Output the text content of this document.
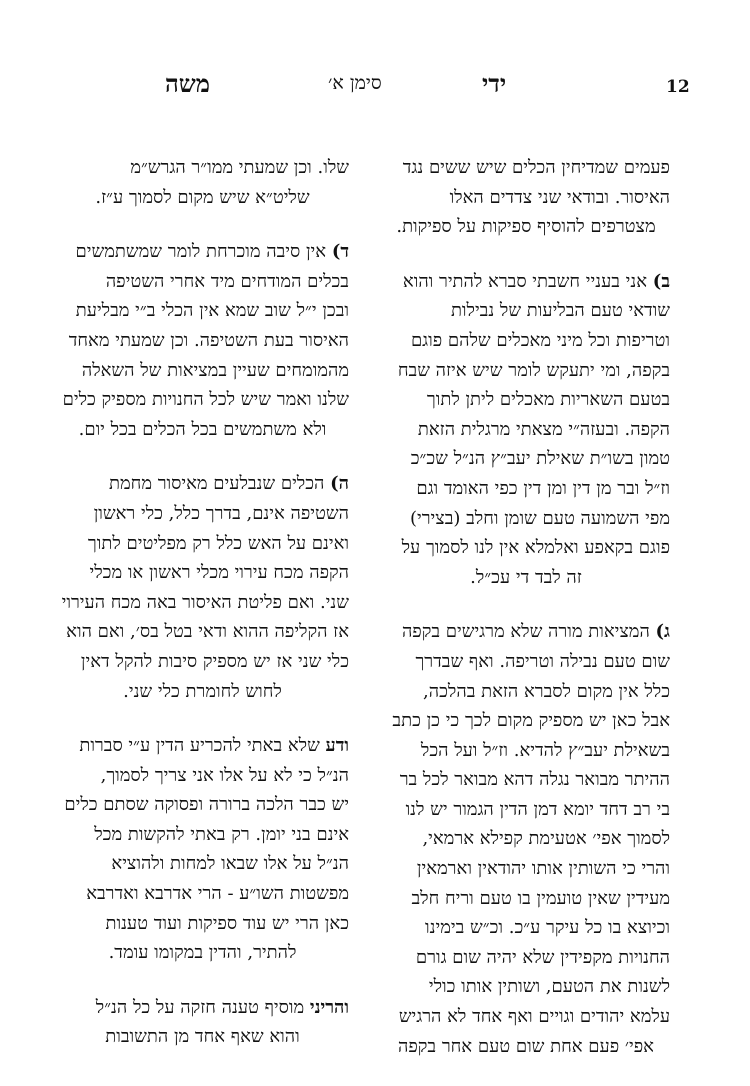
12
ידי
סימן א׳
משה
פעמים שמדיחין הכלים שיש ששים נגד
האיסור. ובודאי שני צדדים האלו
מצטרפים להוסיף ספיקות על ספיקות.
ב) אני בעניי חשבתי סברא להתיר והוא
שודאי טעם הבליעות של נבילות
וטריפות וכל מיני מאכלים שלהם פוגם
בקפה, ומי יתעקש לומר שיש איזה שבח
בטעם השאריות מאכלים ליתן לתוך
הקפה. ובעזה״י מצאתי מרגלית הזאת
טמון בשו״ת שאילת יעב״ץ הנ״ל שכ״כ
וז״ל ובר מן דין ומן דין כפי האומד וגם
מפי השמועה טעם שומן וחלב (בצירי)
פוגם בקאפע ואלמלא אין לנו לסמוך על
זה לבד די עכ״ל.
ג) המציאות מורה שלא מרגישים בקפה
שום טעם נבילה וטריפה. ואף שבדרך
כלל אין מקום לסברא הזאת בהלכה,
אבל כאן יש מספיק מקום לכך כי כן כתב
בשאילת יעב״ץ להדיא. וז״ל ועל הכל
ההיתר מבואר נגלה דהא מבואר לכל בר
בי רב דחד יומא דמן הדין הגמור יש לנו
לסמוך אפי׳ אטעימת קפילא ארמאי,
והרי כי השותין אותו יהודאין וארמאין
מעידין שאין טועמין בו טעם וריח חלב
וכיוצא בו כל עיקר ע״כ. וכ״ש בימינו
החנויות מקפידין שלא יהיה שום גורם
לשנות את הטעם, ושותין אותו כולי
עלמא יהודים וגויים ואף אחד לא הרגיש
אפי׳ פעם אחת שום טעם אחר בקפה
שלו. וכן שמעתי ממו״ר הגרש״מ
שליט״א שיש מקום לסמוך ע״ז.
ד) אין סיבה מוכרחת לומר שמשתמשים
בכלים המודחים מיד אחרי השטיפה
ובכן י״ל שוב שמא אין הכלי ב״י מבליעת
האיסור בעת השטיפה. וכן שמעתי מאחד
מהמומחים שעיין במציאות של השאלה
שלנו ואמר שיש לכל החנויות מספיק כלים
ולא משתמשים בכל הכלים בכל יום.
ה) הכלים שנבלעים מאיסור מחמת
השטיפה אינם, בדרך כלל, כלי ראשון
ואינם על האש כלל רק מפליטים לתוך
הקפה מכח עירוי מכלי ראשון או מכלי
שני. ואם פליטת האיסור באה מכח העירוי
אז הקליפה ההוא ודאי בטל בס׳, ואם הוא
כלי שני אז יש מספיק סיבות להקל דאין
לחוש לחומרת כלי שני.
ודע שלא באתי להכריע הדין ע״י סברות
הנ״ל כי לא על אלו אני צריך לסמוך,
יש כבר הלכה ברורה ופסוקה שסתם כלים
אינם בני יומן. רק באתי להקשות מכל
הנ״ל על אלו שבאו למחות ולהוציא
מפשטות השו״ע - הרי אדרבא ואדרבא
כאן הרי יש עוד ספיקות ועוד טענות
להתיר, והדין במקומו עומד.
והריני מוסיף טענה חזקה על כל הנ״ל
והוא שאף אחד מן התשובות
